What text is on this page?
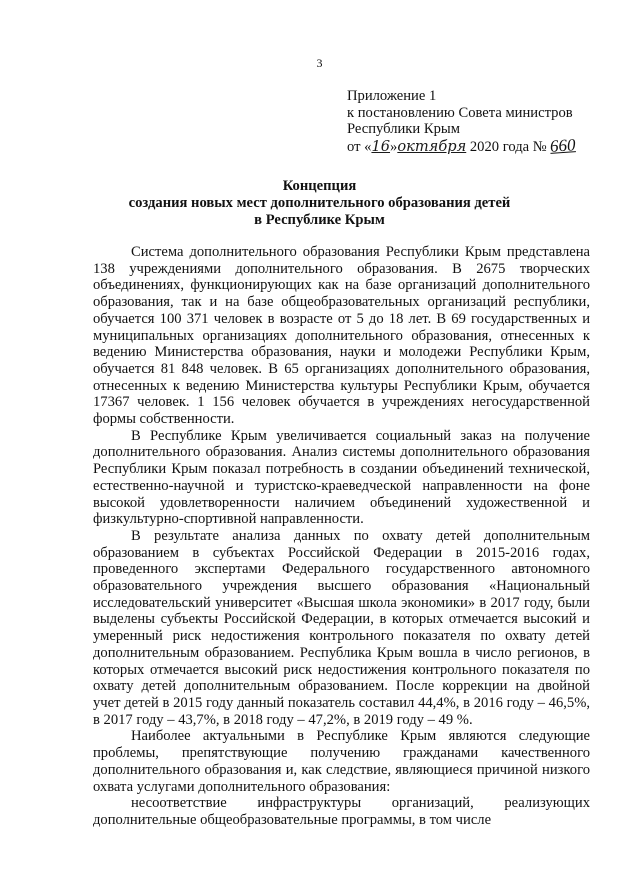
3
Приложение 1
к постановлению Совета министров
Республики Крым
от «16»октября 2020 года № 660
Концепция
создания новых мест дополнительного образования детей
в Республике Крым

Система дополнительного образования Республики Крым представлена 138 учреждениями дополнительного образования. В 2675 творческих объединениях, функционирующих как на базе организаций дополнительного образования, так и на базе общеобразовательных организаций республики, обучается 100 371 человек в возрасте от 5 до 18 лет. В 69 государственных и муниципальных организациях дополнительного образования, отнесенных к ведению Министерства образования, науки и молодежи Республики Крым, обучается 81 848 человек. В 65 организациях дополнительного образования, отнесенных к ведению Министерства культуры Республики Крым, обучается 17367 человек. 1 156 человек обучается в учреждениях негосударственной формы собственности.

В Республике Крым увеличивается социальный заказ на получение дополнительного образования. Анализ системы дополнительного образования Республики Крым показал потребность в создании объединений технической, естественно-научной и туристско-краеведческой направленности на фоне высокой удовлетворенности наличием объединений художественной и физкультурно-спортивной направленности.

В результате анализа данных по охвату детей дополнительным образованием в субъектах Российской Федерации в 2015-2016 годах, проведенного экспертами Федерального государственного автономного образовательного учреждения высшего образования «Национальный исследовательский университет «Высшая школа экономики» в 2017 году, были выделены субъекты Российской Федерации, в которых отмечается высокий и умеренный риск недостижения контрольного показателя по охвату детей дополнительным образованием. Республика Крым вошла в число регионов, в которых отмечается высокий риск недостижения контрольного показателя по охвату детей дополнительным образованием. После коррекции на двойной учет детей в 2015 году данный показатель составил 44,4%, в 2016 году – 46,5%, в 2017 году – 43,7%, в 2018 году – 47,2%, в 2019 году – 49 %.

Наиболее актуальными в Республике Крым являются следующие проблемы, препятствующие получению гражданами качественного дополнительного образования и, как следствие, являющиеся причиной низкого охвата услугами дополнительного образования:

несоответствие инфраструктуры организаций, реализующих дополнительные общеобразовательные программы, в том числе
